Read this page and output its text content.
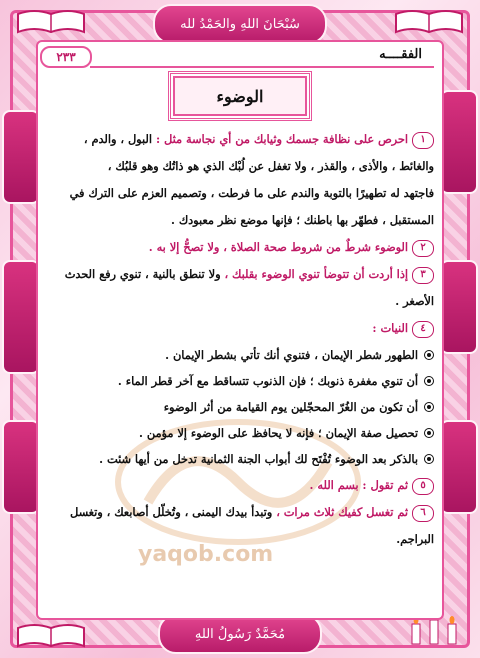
سُبْحَانَ اللهِ والحَمْدُ لله
مُحَمَّدٌ رَسُولُ اللهِ
٢٣٣	الفقــــه
الوضوء
yaqob.com
١احرص على نظافة جسمك وثيابك من أي نجاسة مثل : البول ، والدم ،
والغائط ، والأذى ، والقذر ، ولا تغفل عن لُبْك الذي هو ذاتُك وهو قلبُك ،
فاجتهد له تطهيرًا بالتوبة والندم على ما فرطت ، وتصميم العزم على الترك في
المستقبل ، فطهّر بها باطنك ؛ فإنها موضع نظر معبودك .
٢الوضوء شرطٌ من شروط صحة الصلاة ، ولا تصحُّ إلا به .
٣إذا أردت أن تتوضأ تنوي الوضوء بقلبك ، ولا تنطق بالنية ، تنوي رفع الحدث
الأصغر .
٤النيات :
الطهور شطر الإيمان ، فتنوي أنك تأتي بشطر الإيمان .
أن تنوي مغفرة ذنوبك ؛ فإن الذنوب تتساقط مع آخر قطر الماء .
أن تكون من الغُرّ المحجّلين يوم القيامة من أثر الوضوء
تحصيل صفة الإيمان ؛ فإنه لا يحافظ على الوضوء إلا مؤمن .
بالذكر بعد الوضوء تُفْتَح لك أبواب الجنة الثمانية تدخل من أيها شئت .
٥ثم تقول : بسم الله .
٦ثم تغسل كفيك ثلاث مرات ، وتبدأ بيدك اليمنى ، وتُخلّل أصابعك ، وتغسل
البراجم.
